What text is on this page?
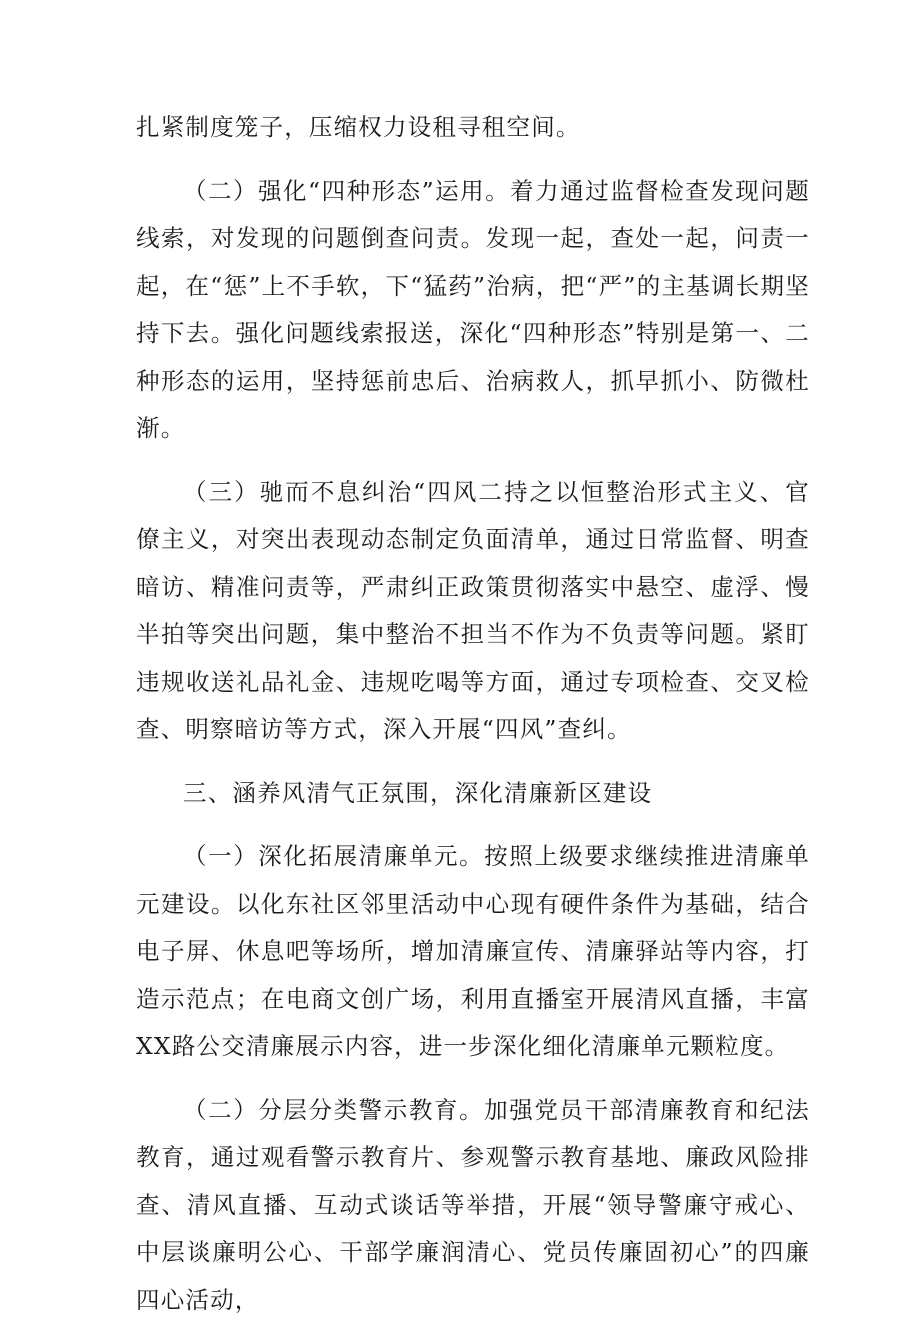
扎紧制度笼子，压缩权力设租寻租空间。

（二）强化“四种形态”运用。着力通过监督检查发现问题线索，对发现的问题倒查问责。发现一起，查处一起，问责一起，在“惩”上不手软，下“猛药”治病，把“严”的主基调长期坚持下去。强化问题线索报送，深化“四种形态”特别是第一、二种形态的运用，坚持惩前忠后、治病救人，抓早抓小、防微杜渐。

（三）驰而不息纠治“四风二持之以恒整治形式主义、官僚主义，对突出表现动态制定负面清单，通过日常监督、明查暗访、精准问责等，严肃纠正政策贯彻落实中悬空、虚浮、慢半拍等突出问题，集中整治不担当不作为不负责等问题。紧盯违规收送礼品礼金、违规吃喝等方面，通过专项检查、交叉检查、明察暗访等方式，深入开展“四风”查纠。

三、涵养风清气正氛围，深化清廉新区建设

（一）深化拓展清廉单元。按照上级要求继续推进清廉单元建设。以化东社区邻里活动中心现有硬件条件为基础，结合电子屏、休息吧等场所，增加清廉宣传、清廉驿站等内容，打造示范点；在电商文创广场，利用直播室开展清风直播，丰富XX路公交清廉展示内容，进一步深化细化清廉单元颗粒度。

（二）分层分类警示教育。加强党员干部清廉教育和纪法教育，通过观看警示教育片、参观警示教育基地、廉政风险排查、清风直播、互动式谈话等举措，开展“领导警廉守戒心、中层谈廉明公心、干部学廉润清心、党员传廉固初心”的四廉四心活动，
